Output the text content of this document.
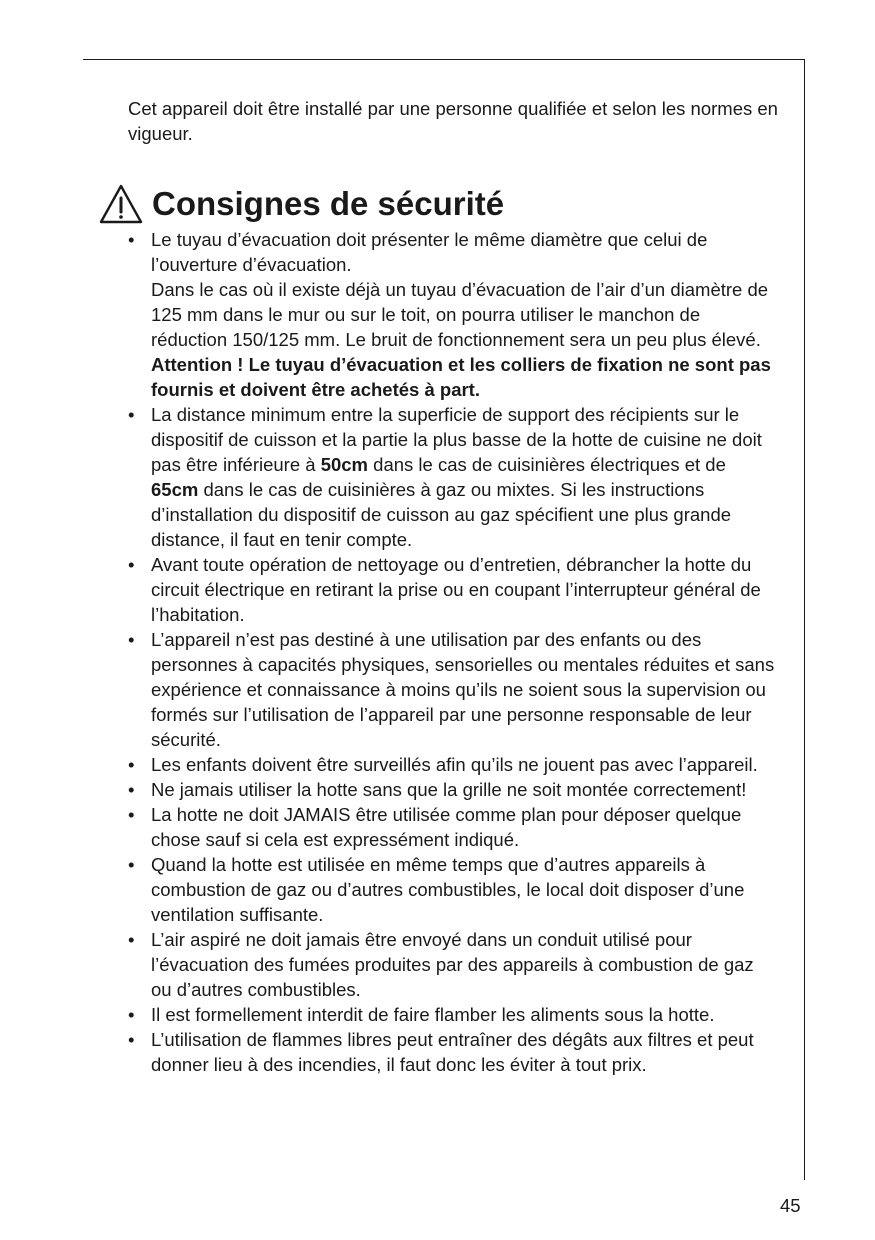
Cet appareil doit être installé par une personne qualifiée et selon les normes en vigueur.

Consignes de sécurité
• Le tuyau d’évacuation doit présenter le même diamètre que celui de l’ouverture d’évacuation.

Dans le cas où il existe déjà un tuyau d’évacuation de l’air d’un diamètre de 125 mm dans le mur ou sur le toit, on pourra utiliser le manchon de réduction 150/125 mm. Le bruit de fonctionnement sera un peu plus élevé.

Attention ! Le tuyau d’évacuation et les colliers de fixation ne sont pas fournis et doivent être achetés à part.

• La distance minimum entre la superficie de support des récipients sur le dispositif de cuisson et la partie la plus basse de la hotte de cuisine ne doit pas être inférieure à 50cm dans le cas de cuisinières électriques et de 65cm dans le cas de cuisinières à gaz ou mixtes. Si les instructions d’installation du dispositif de cuisson au gaz spécifient une plus grande distance, il faut en tenir compte.

• Avant toute opération de nettoyage ou d’entretien, débrancher la hotte du circuit électrique en retirant la prise ou en coupant l’interrupteur général de l’habitation.

• L’appareil n’est pas destiné à une utilisation par des enfants ou des personnes à capacités physiques, sensorielles ou mentales réduites et sans expérience et connaissance à moins qu’ils ne soient sous la supervision ou formés sur l’utilisation de l’appareil par une personne responsable de leur sécurité.

• Les enfants doivent être surveillés afin qu’ils ne jouent pas avec l’appareil.

• Ne jamais utiliser la hotte sans que la grille ne soit montée correctement!

• La hotte ne doit JAMAIS être utilisée comme plan pour déposer quelque chose sauf si cela est expressément indiqué.

• Quand la hotte est utilisée en même temps que d’autres appareils à combustion de gaz ou d’autres combustibles, le local doit disposer d’une ventilation suffisante.

• L’air aspiré ne doit jamais être envoyé dans un conduit utilisé pour l’évacuation des fumées produites par des appareils à combustion de gaz ou d’autres combustibles.

• Il est formellement interdit de faire flamber les aliments sous la hotte.

• L’utilisation de flammes libres peut entraîner des dégâts aux filtres et peut donner lieu à des incendies, il faut donc les éviter à tout prix.

45
